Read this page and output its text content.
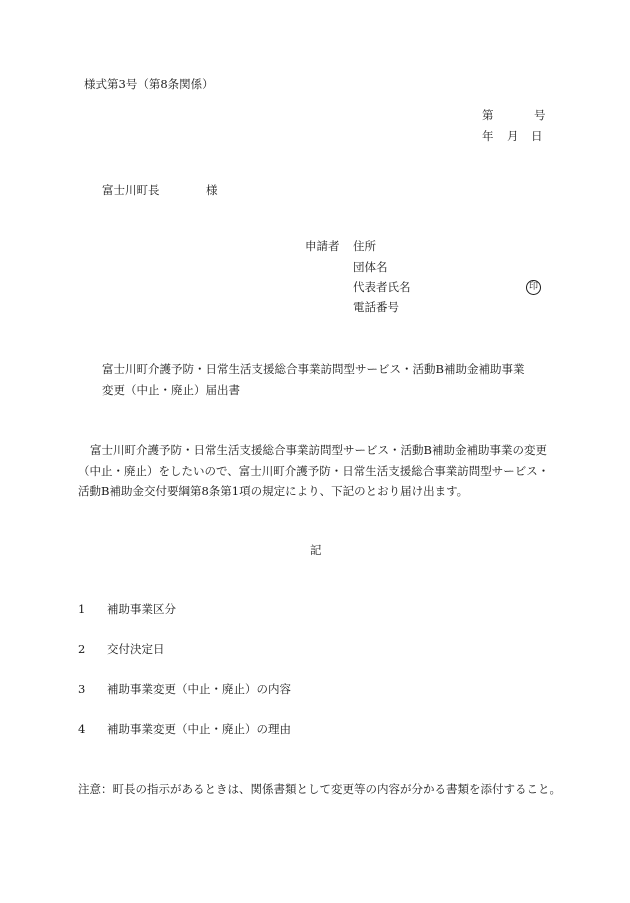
様式第3号（第8条関係）
第	号
年 月 日
富士川町長	様
申請者 住所
団体名
代表者氏名	印
電話番号
富士川町介護予防・日常生活支援総合事業訪問型サービス・活動B補助金補助事業
変更（中止・廃止）届出書
富士川町介護予防・日常生活支援総合事業訪問型サービス・活動B補助金補助事業の変更
（中止・廃止）をしたいので、富士川町介護予防・日常生活支援総合事業訪問型サービス・
活動B補助金交付要綱第8条第1項の規定により、下記のとおり届け出ます。
記
1 補助事業区分
2 交付決定日
3 補助事業変更（中止・廃止）の内容
4 補助事業変更（中止・廃止）の理由
注意：町長の指示があるときは、関係書類として変更等の内容が分かる書類を添付すること。
